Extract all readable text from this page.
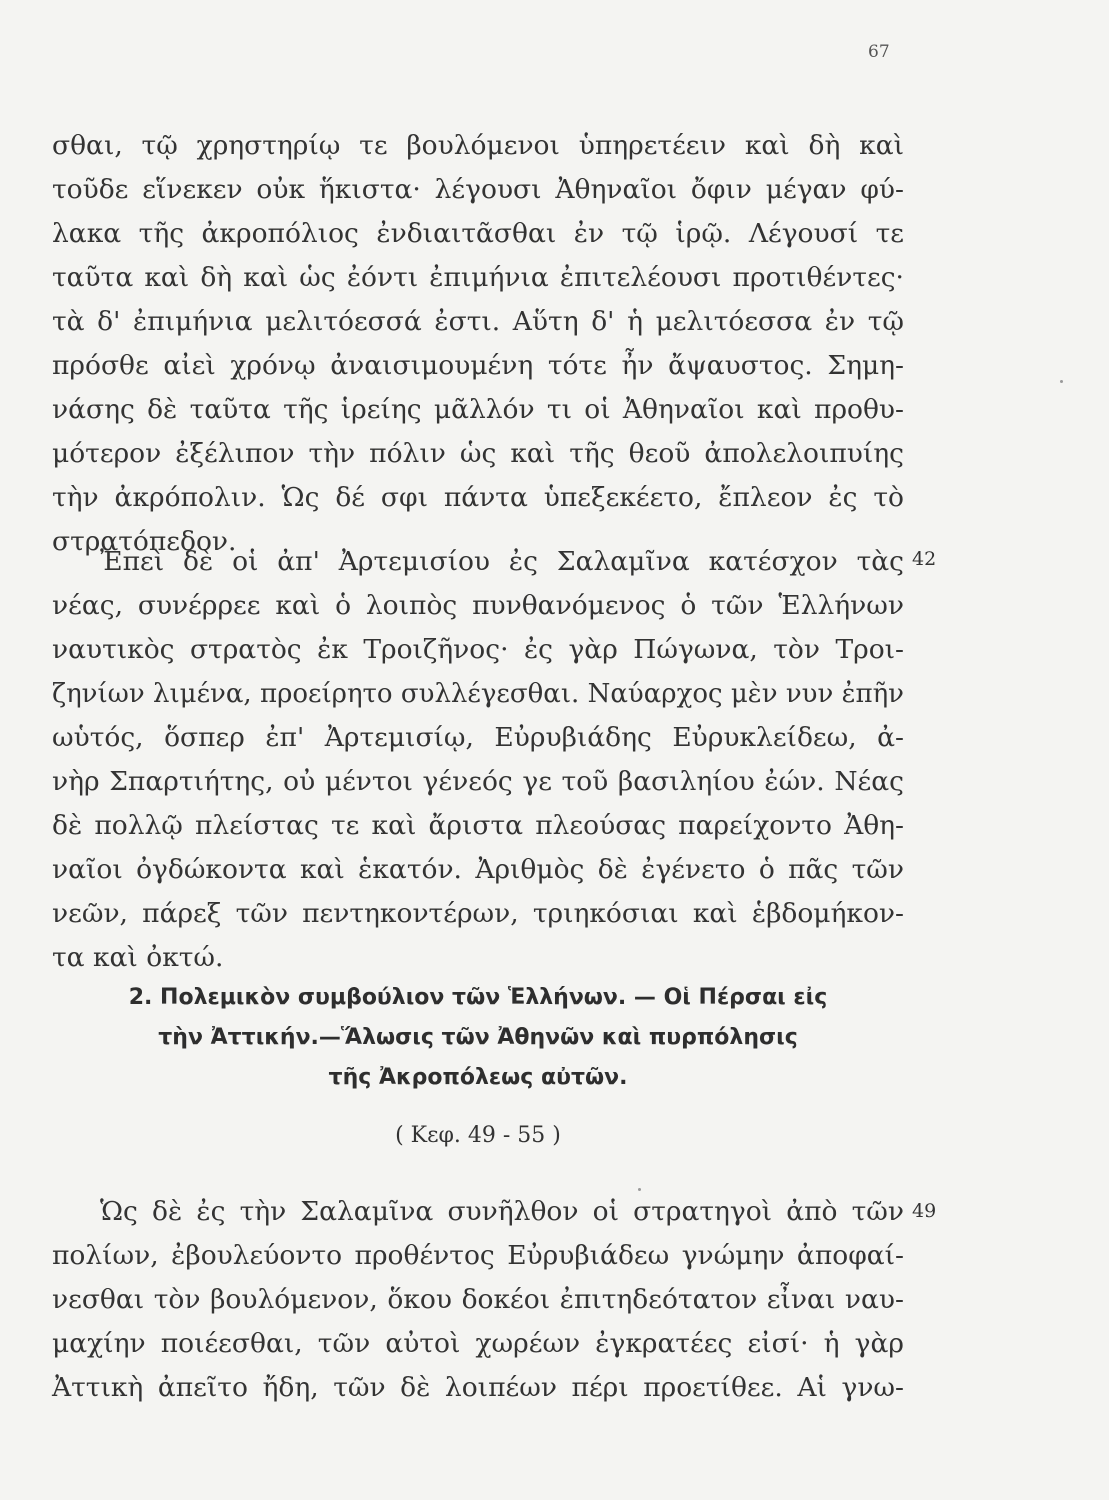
67
σθαι, τῷ χρηστηρίῳ τε βουλόμενοι ὑπηρετέειν καὶ δὴ καὶ
τοῦδε εἵνεκεν οὐκ ἥκιστα· λέγουσι Ἀθηναῖοι ὄφιν μέγαν φύ-
λακα τῆς ἀκροπόλιος ἐνδιαιτᾶσθαι ἐν τῷ ἱρῷ. Λέγουσί τε
ταῦτα καὶ δὴ καὶ ὡς ἐόντι ἐπιμήνια ἐπιτελέουσι προτιθέντες·
τὰ δ' ἐπιμήνια μελιτόεσσά ἐστι. Αὕτη δ' ἡ μελιτόεσσα ἐν τῷ
πρόσθε αἰεὶ χρόνῳ ἀναισιμουμένη τότε ἦν ἄψαυστος. Σημη-
νάσης δὲ ταῦτα τῆς ἱρείης μᾶλλόν τι οἱ Ἀθηναῖοι καὶ προθυ-
μότερον ἐξέλιπον τὴν πόλιν ὡς καὶ τῆς θεοῦ ἀπολελοιπυίης
τὴν ἀκρόπολιν. Ὡς δέ σφι πάντα ὑπεξεκέετο, ἔπλεον ἐς τὸ
στρατόπεδον.
42
Ἐπεὶ δὲ οἱ ἀπ' Ἀρτεμισίου ἐς Σαλαμῖνα κατέσχον τὰς
νέας, συνέρρεε καὶ ὁ λοιπὸς πυνθανόμενος ὁ τῶν Ἑλλήνων
ναυτικὸς στρατὸς ἐκ Τροιζῆνος· ἐς γὰρ Πώγωνα, τὸν Τροι-
ζηνίων λιμένα, προείρητο συλλέγεσθαι. Ναύαρχος μὲν νυν ἐπῆν
ωὑτός, ὅσπερ ἐπ' Ἀρτεμισίῳ, Εὐρυβιάδης Εὐρυκλείδεω, ἀ-
νὴρ Σπαρτιήτης, οὐ μέντοι γένεός γε τοῦ βασιληίου ἐών. Νέας
δὲ πολλῷ πλείστας τε καὶ ἄριστα πλεούσας παρείχοντο Ἀθη-
ναῖοι ὀγδώκοντα καὶ ἑκατόν. Ἀριθμὸς δὲ ἐγένετο ὁ πᾶς τῶν
νεῶν, πάρεξ τῶν πεντηκοντέρων, τριηκόσιαι καὶ ἑβδομήκον-
τα καὶ ὀκτώ.
2. Πολεμικὸν συμβούλιον τῶν Ἑλλήνων. — Οἱ Πέρσαι εἰς
τὴν Ἀττικήν.—Ἅλωσις τῶν Ἀθηνῶν καὶ πυρπόλησις
τῆς Ἀκροπόλεως αὐτῶν.
( Κεφ. 49 - 55 )
49
Ὡς δὲ ἐς τὴν Σαλαμῖνα συνῆλθον οἱ στρατηγοὶ ἀπὸ τῶν
πολίων, ἐβουλεύοντο προθέντος Εὐρυβιάδεω γνώμην ἀποφαί-
νεσθαι τὸν βουλόμενον, ὅκου δοκέοι ἐπιτηδεότατον εἶναι ναυ-
μαχίην ποιέεσθαι, τῶν αὐτοὶ χωρέων ἐγκρατέες εἰσί· ἡ γὰρ
Ἀττικὴ ἀπεῖτο ἤδη, τῶν δὲ λοιπέων πέρι προετίθεε. Αἱ γνω-
